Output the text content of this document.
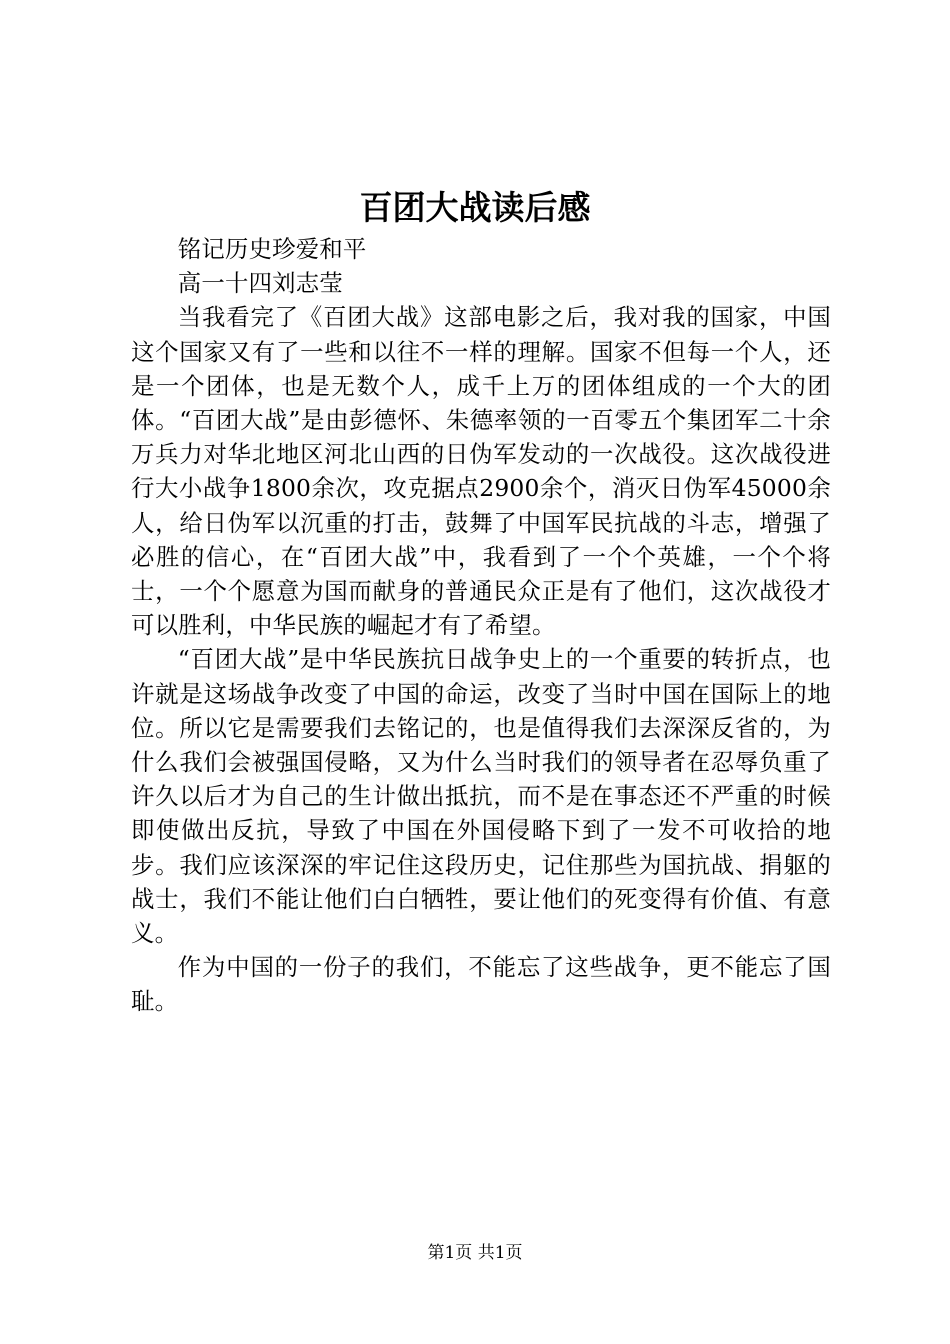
百团大战读后感

铭记历史珍爱和平

高一十四刘志莹

当我看完了《百团大战》这部电影之后，我对我的国家，中国这个国家又有了一些和以往不一样的理解。国家不但每一个人，还是一个团体，也是无数个人，成千上万的团体组成的一个大的团体。“百团大战”是由彭德怀、朱德率领的一百零五个集团军二十余万兵力对华北地区河北山西的日伪军发动的一次战役。这次战役进行大小战争1800余次，攻克据点2900余个，消灭日伪军45000余人，给日伪军以沉重的打击，鼓舞了中国军民抗战的斗志，增强了必胜的信心，在“百团大战”中，我看到了一个个英雄，一个个将士，一个个愿意为国而献身的普通民众正是有了他们，这次战役才可以胜利，中华民族的崛起才有了希望。

“百团大战”是中华民族抗日战争史上的一个重要的转折点，也许就是这场战争改变了中国的命运，改变了当时中国在国际上的地位。所以它是需要我们去铭记的，也是值得我们去深深反省的，为什么我们会被强国侵略，又为什么当时我们的领导者在忍辱负重了许久以后才为自己的生计做出抵抗，而不是在事态还不严重的时候即使做出反抗，导致了中国在外国侵略下到了一发不可收拾的地步。我们应该深深的牢记住这段历史，记住那些为国抗战、捐躯的战士，我们不能让他们白白牺牲，要让他们的死变得有价值、有意义。

作为中国的一份子的我们，不能忘了这些战争，更不能忘了国耻。

第1页 共1页
